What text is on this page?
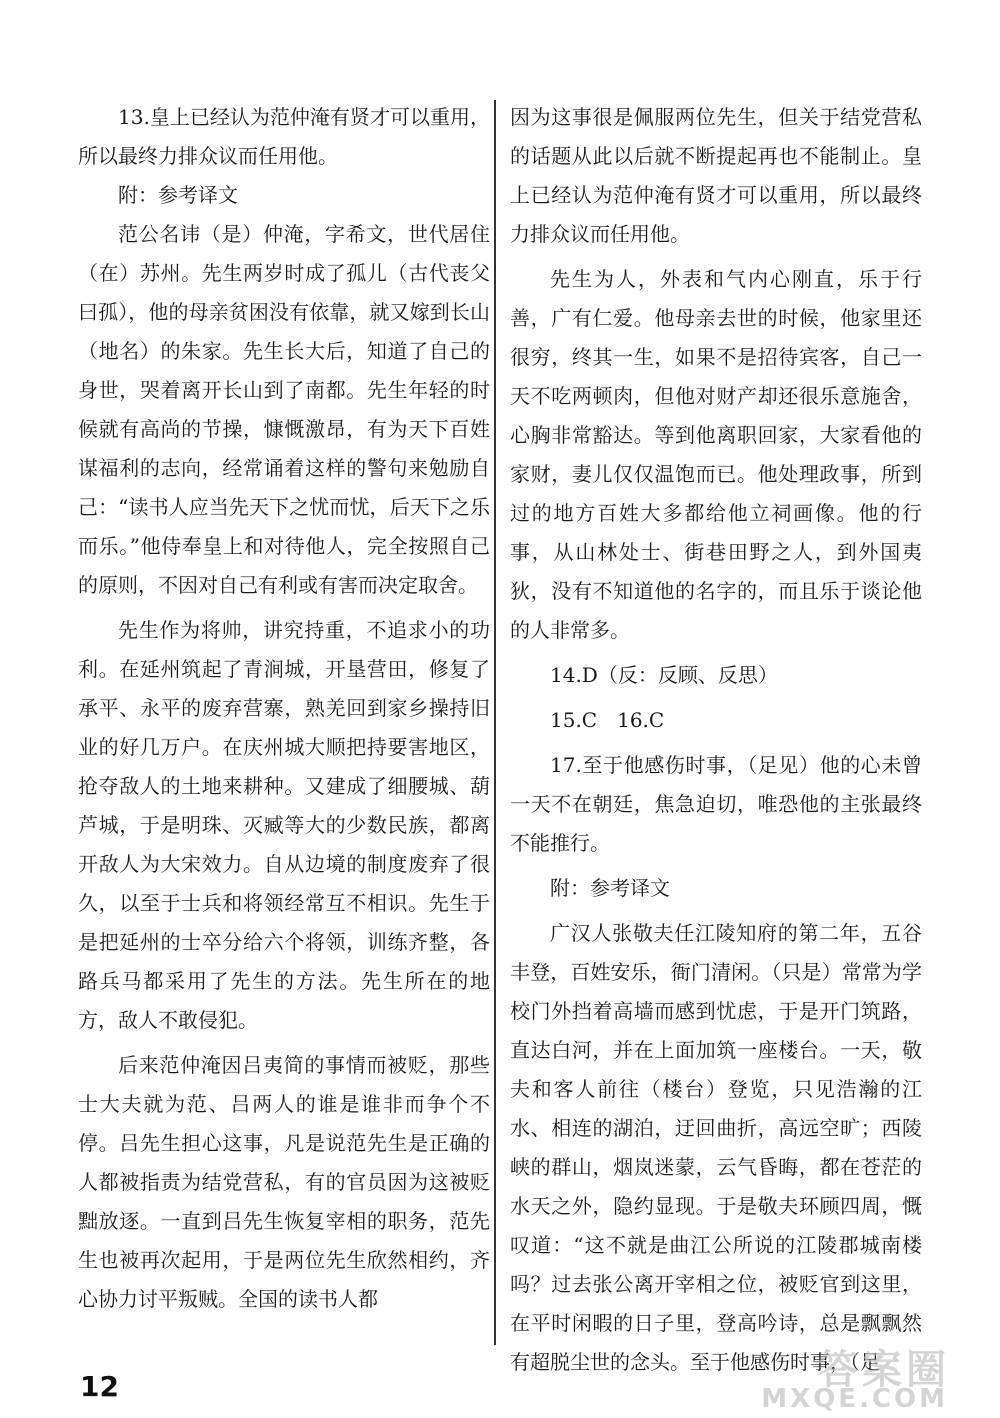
13.皇上已经认为范仲淹有贤才可以重用，所以最终力排众议而任用他。

附：参考译文

范公名讳（是）仲淹，字希文，世代居住（在）苏州。先生两岁时成了孤儿（古代丧父曰孤），他的母亲贫困没有依靠，就又嫁到长山（地名）的朱家。先生长大后，知道了自己的身世，哭着离开长山到了南都。先生年轻的时候就有高尚的节操，慷慨激昂，有为天下百姓谋福利的志向，经常诵着这样的警句来勉励自己：“读书人应当先天下之忧而忧，后天下之乐而乐。”他侍奉皇上和对待他人，完全按照自己的原则，不因对自己有利或有害而决定取舍。

先生作为将帅，讲究持重，不追求小的功利。在延州筑起了青涧城，开垦营田，修复了承平、永平的废弃营寨，熟羌回到家乡操持旧业的好几万户。在庆州城大顺把持要害地区，抢夺敌人的土地来耕种。又建成了细腰城、葫芦城，于是明珠、灭臧等大的少数民族，都离开敌人为大宋效力。自从边境的制度废弃了很久，以至于士兵和将领经常互不相识。先生于是把延州的士卒分给六个将领，训练齐整，各路兵马都采用了先生的方法。先生所在的地方，敌人不敢侵犯。

后来范仲淹因吕夷简的事情而被贬，那些士大夫就为范、吕两人的谁是谁非而争个不停。吕先生担心这事，凡是说范先生是正确的人都被指责为结党营私，有的官员因为这被贬黜放逐。一直到吕先生恢复宰相的职务，范先生也被再次起用，于是两位先生欣然相约，齐心协力讨平叛贼。全国的读书人都

因为这事很是佩服两位先生，但关于结党营私的话题从此以后就不断提起再也不能制止。皇上已经认为范仲淹有贤才可以重用，所以最终力排众议而任用他。

先生为人，外表和气内心刚直，乐于行善，广有仁爱。他母亲去世的时候，他家里还很穷，终其一生，如果不是招待宾客，自己一天不吃两顿肉，但他对财产却还很乐意施舍，心胸非常豁达。等到他离职回家，大家看他的家财，妻儿仅仅温饱而已。他处理政事，所到过的地方百姓大多都给他立祠画像。他的行事，从山林处士、街巷田野之人，到外国夷狄，没有不知道他的名字的，而且乐于谈论他的人非常多。

14.D（反：反顾、反思）

15.C　16.C

17.至于他感伤时事，（足见）他的心未曾一天不在朝廷，焦急迫切，唯恐他的主张最终不能推行。

附：参考译文

广汉人张敬夫任江陵知府的第二年，五谷丰登，百姓安乐，衙门清闲。（只是）常常为学校门外挡着高墙而感到忧虑，于是开门筑路，直达白河，并在上面加筑一座楼台。一天，敬夫和客人前往（楼台）登览，只见浩瀚的江水、相连的湖泊，迂回曲折，高远空旷；西陵峡的群山，烟岚迷蒙，云气昏晦，都在苍茫的水天之外，隐约显现。于是敬夫环顾四周，慨叹道：“这不就是曲江公所说的江陵郡城南楼吗？过去张公离开宰相之位，被贬官到这里，在平时闲暇的日子里，登高吟诗，总是飘飘然有超脱尘世的念头。至于他感伤时事，（足

12	答案圈
MXQE.COM
